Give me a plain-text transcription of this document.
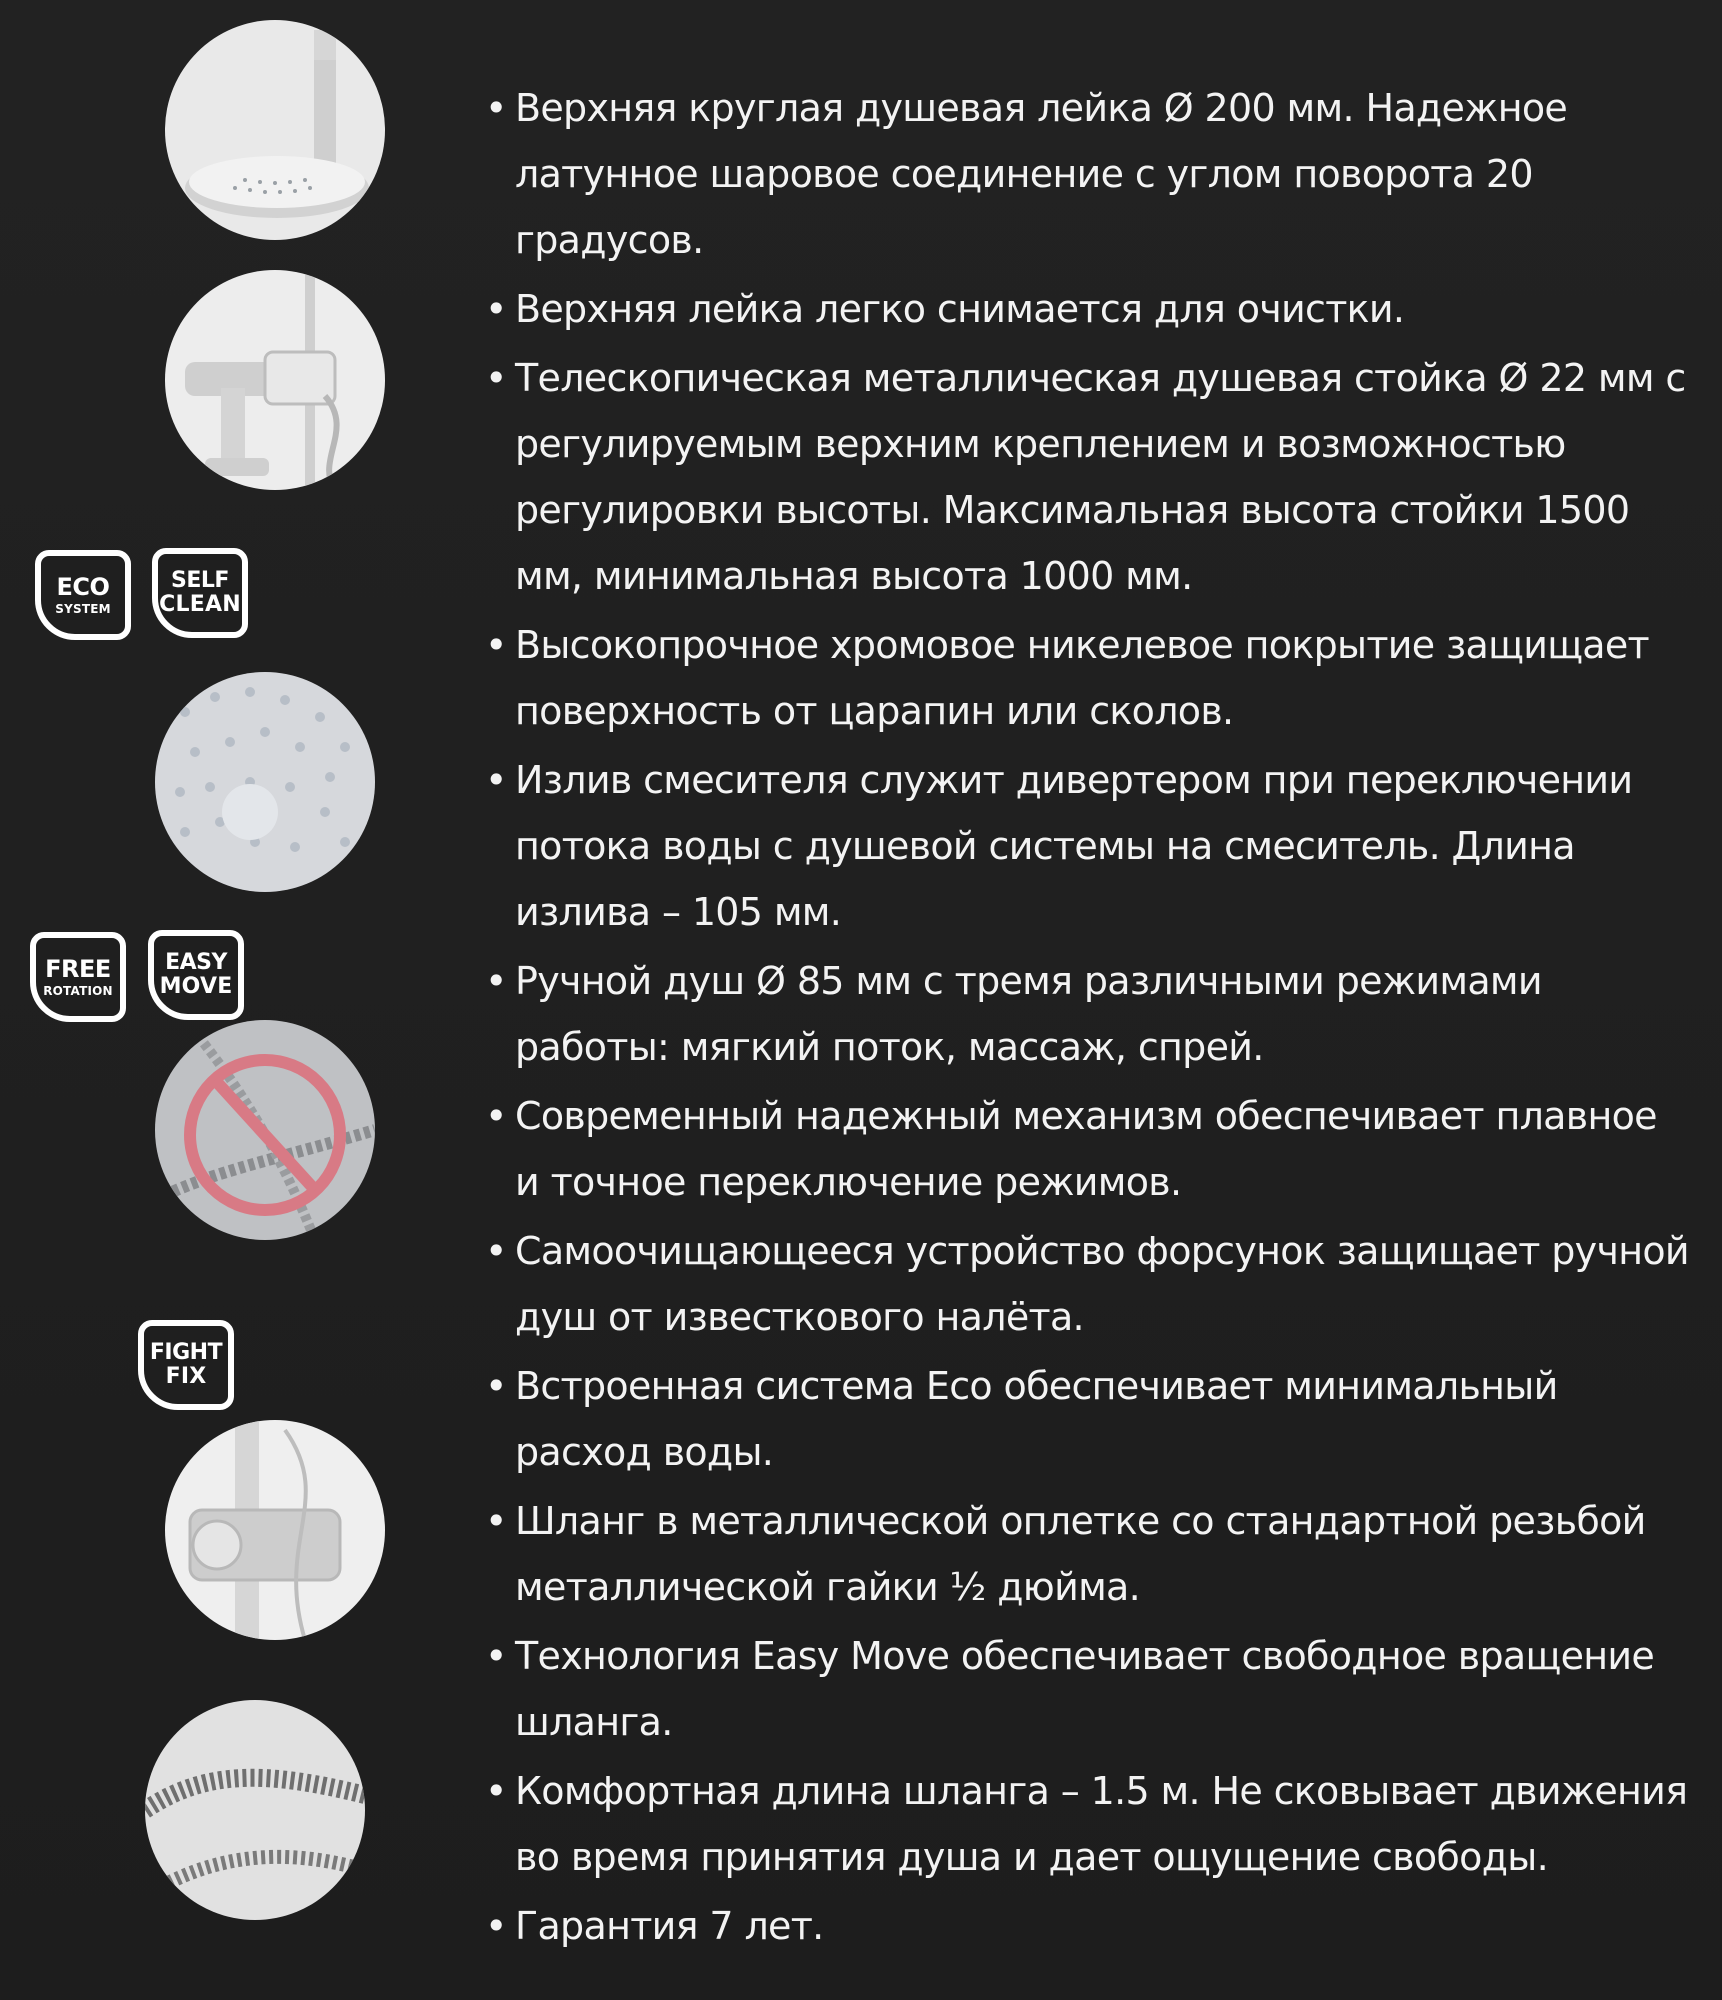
ECO
SYSTEM
SELF
CLEAN
FREE
ROTATION
EASY
MOVE
FIGHT
FIX
• Верхняя круглая душевая лейка Ø 200 мм. Надежное латунное шаровое соединение с углом поворота 20 градусов.
• Верхняя лейка легко снимается для очистки.
• Телескопическая металлическая душевая стойка Ø 22 мм с регулируемым верхним креплением и возможностью регулировки высоты. Максимальная высота стойки 1500 мм, минимальная высота 1000 мм.
• Высокопрочное хромовое никелевое покрытие защищает поверхность от царапин или сколов.
• Излив смесителя служит дивертером при переключении потока воды с душевой системы на смеситель. Длина излива – 105 мм.
• Ручной душ Ø 85 мм с тремя различными режимами работы: мягкий поток, массаж, спрей.
• Современный надежный механизм обеспечивает плавное и точное переключение режимов.
• Самоочищающееся устройство форсунок защищает ручной душ от известкового налёта.
• Встроенная система Eco обеспечивает минимальный расход воды.
• Шланг в металлической оплетке со стандартной резьбой металлической гайки ½ дюйма.
• Технология Easy Move обеспечивает свободное вращение шланга.
• Комфортная длина шланга – 1.5 м. Не сковывает движения во время принятия душа и дает ощущение свободы.
• Гарантия 7 лет.
